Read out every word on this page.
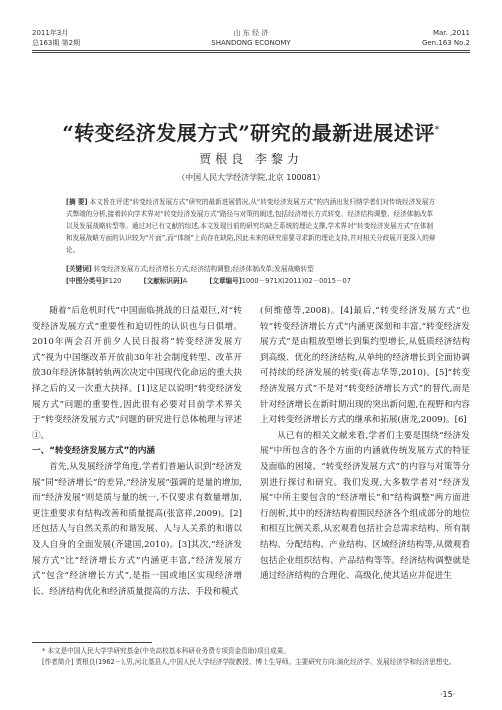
2011年3月
总163期 第2期
山 东 经 济
SHANDONG ECONOMY
Mar. ,2011
Gen.163 No.2
“转变经济发展方式”研究的最新进展述评*
贾根良 李黎力
（中国人民大学经济学院,北京 100081）
[摘 要] 本文旨在评述“转变经济发展方式”研究的最新进展情况,从“转变经济发展方式”的内涵出发归纳学者们对传统经济发展方式弊端的分析,接着转向学术界对“转变经济发展方式”路径与对策的阐述,包括经济增长方式转变、经济结构调整、经济体制改革以及发展战略转型等。通过对已有文献的综述,本文发现目前的研究均缺乏系统的理论支撑,学术界对“转变经济发展方式”在体制和发展战略方面的认识较为“片面”,而“体制”上尚存在缺陷,因此未来的研究需要寻求新的理论支持,并对相关分歧展开更深入的辩论。
[关键词] 转变经济发展方式;经济增长方式;经济结构调整;经济体制改革;发展战略转型
[中图分类号]F120	[文献标识码]A	[文章编号]1000－971X(2011)02－0015－07

随着“后危机时代”中国面临挑战的日益艰巨,对“转变经济发展方式”重要性和迫切性的认识也与日俱增。2010年两会召开前夕人民日报将“转变经济发展方式”视为中国继改革开放前30年社会制度转型、改革开放30年经济体制转轨两次决定中国现代化命运的重大抉择之后的又一次重大抉择。[1]这足以说明“转变经济发展方式”问题的重要性,因此很有必要对目前学术界关于“转变经济发展方式”问题的研究进行总体梳理与评述①。

一、“转变经济发展方式”的内涵

首先,从发展经济学角度,学者们普遍认识到“经济发展”同“经济增长”的差异,“经济发展”强调的是量的增加,而“经济发展”则是质与量的统一,不仅要求有数量增加,更注重要求有结构改善和质量提高(张富祥,2009)。[2]还包括人与自然关系的和谐发展、人与人关系的和谐以及人自身的全面发展(齐建国,2010)。[3]其次,“经济发展方式”比“经济增长方式”内涵更丰富,“经济发展方式”包含“经济增长方式”,是指一国或地区实现经济增长、经济结构优化和经济质量提高的方法、手段和模式

(何维德等,2008)。[4]最后,“转变经济发展方式”也较“转变经济增长方式”内涵更深刻和丰富,“转变经济发展方式”是由粗放型增长到集约型增长,从低质经济结构到高级、优化的经济结构,从单纯的经济增长到全面协调可持续的经济发展的转变(蒋志华等,2010)。[5]“转变经济发展方式”不是对“转变经济增长方式”的替代,而是针对经济增长在新时期出现的突出新问题,在视野和内容上对转变经济增长方式的继承和拓展(唐龙,2009)。[6]

从已有的相关文献来看,学者们主要是围绕“经济发展”中所包含的各个方面的内涵就传统发展方式的特征及面临的困境、“转变经济发展方式”的内容与对策等分别进行探讨和研究。我们发现,大多数学者对“经济发展”中所主要包含的“经济增长”和“结构调整”两方面进行剖析,其中的经济结构着围民经济各个组成部分的地位和相互比例关系,从宏观看包括社会总需求结构、所有制结构、分配结构、产业结构、区域经济结构等,从微观看包括企业组织结构、产品结构等等。经济结构调整就是通过经济结构的合理化、高级化,使其适应并促进生

* 本文是中国人民大学学研究基金(中央高校基本科研业务费专项资金资助)项目成果。

[作者简介] 贾根良(1962－),男,河北藁县人,中国人民大学经济学院教授、博士生导师。主要研究方向:演化经济学、发展经济学和经济思想史。

·15·
